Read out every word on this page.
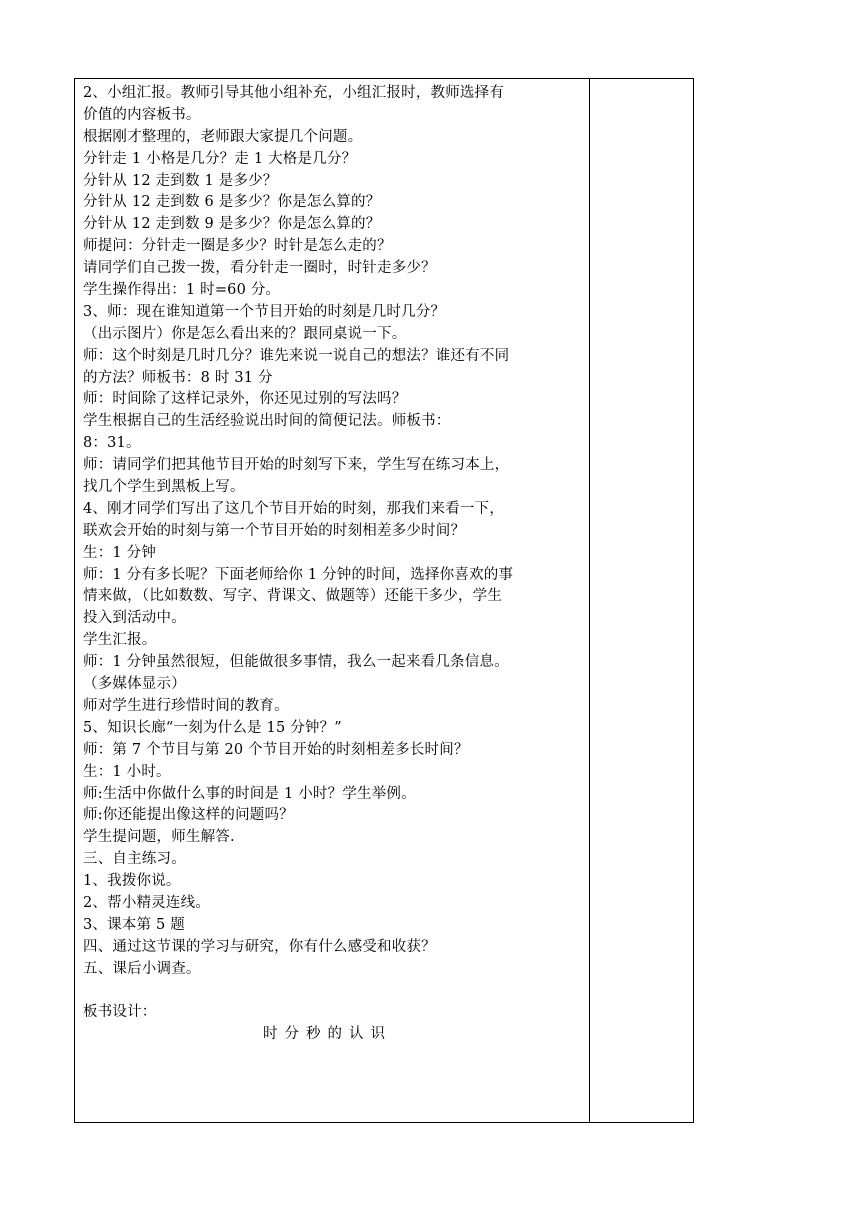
2、小组汇报。教师引导其他小组补充，小组汇报时，教师选择有
价值的内容板书。
根据刚才整理的，老师跟大家提几个问题。
分针走 1 小格是几分？走 1 大格是几分？
分针从 12 走到数 1 是多少？
分针从 12 走到数 6 是多少？你是怎么算的？
分针从 12 走到数 9 是多少？你是怎么算的？
师提问：分针走一圈是多少？时针是怎么走的？
请同学们自己拨一拨，看分针走一圈时，时针走多少？
学生操作得出：1 时=60 分。
3、师：现在谁知道第一个节目开始的时刻是几时几分？
（出示图片）你是怎么看出来的？跟同桌说一下。
师：这个时刻是几时几分？谁先来说一说自己的想法？谁还有不同
的方法？师板书：8 时 31 分
师：时间除了这样记录外，你还见过别的写法吗？
学生根据自己的生活经验说出时间的简便记法。师板书：
8：31。
师：请同学们把其他节目开始的时刻写下来，学生写在练习本上，
找几个学生到黑板上写。
4、刚才同学们写出了这几个节目开始的时刻，那我们来看一下，
联欢会开始的时刻与第一个节目开始的时刻相差多少时间？
生：1 分钟
师：1 分有多长呢？下面老师给你 1 分钟的时间，选择你喜欢的事
情来做，（比如数数、写字、背课文、做题等）还能干多少，学生
投入到活动中。
学生汇报。
师：1 分钟虽然很短，但能做很多事情，我么一起来看几条信息。
（多媒体显示）
师对学生进行珍惜时间的教育。
5、知识长廊“一刻为什么是 15 分钟？”
师：第 7 个节目与第 20 个节目开始的时刻相差多长时间？
生：1 小时。
师:生活中你做什么事的时间是 1 小时？学生举例。
师:你还能提出像这样的问题吗？
学生提问题，师生解答.
三、自主练习。
1、我拨你说。
2、帮小精灵连线。
3、课本第 5 题
四、通过这节课的学习与研究，你有什么感受和收获？
五、课后小调查。
板书设计：
时分秒的认识
